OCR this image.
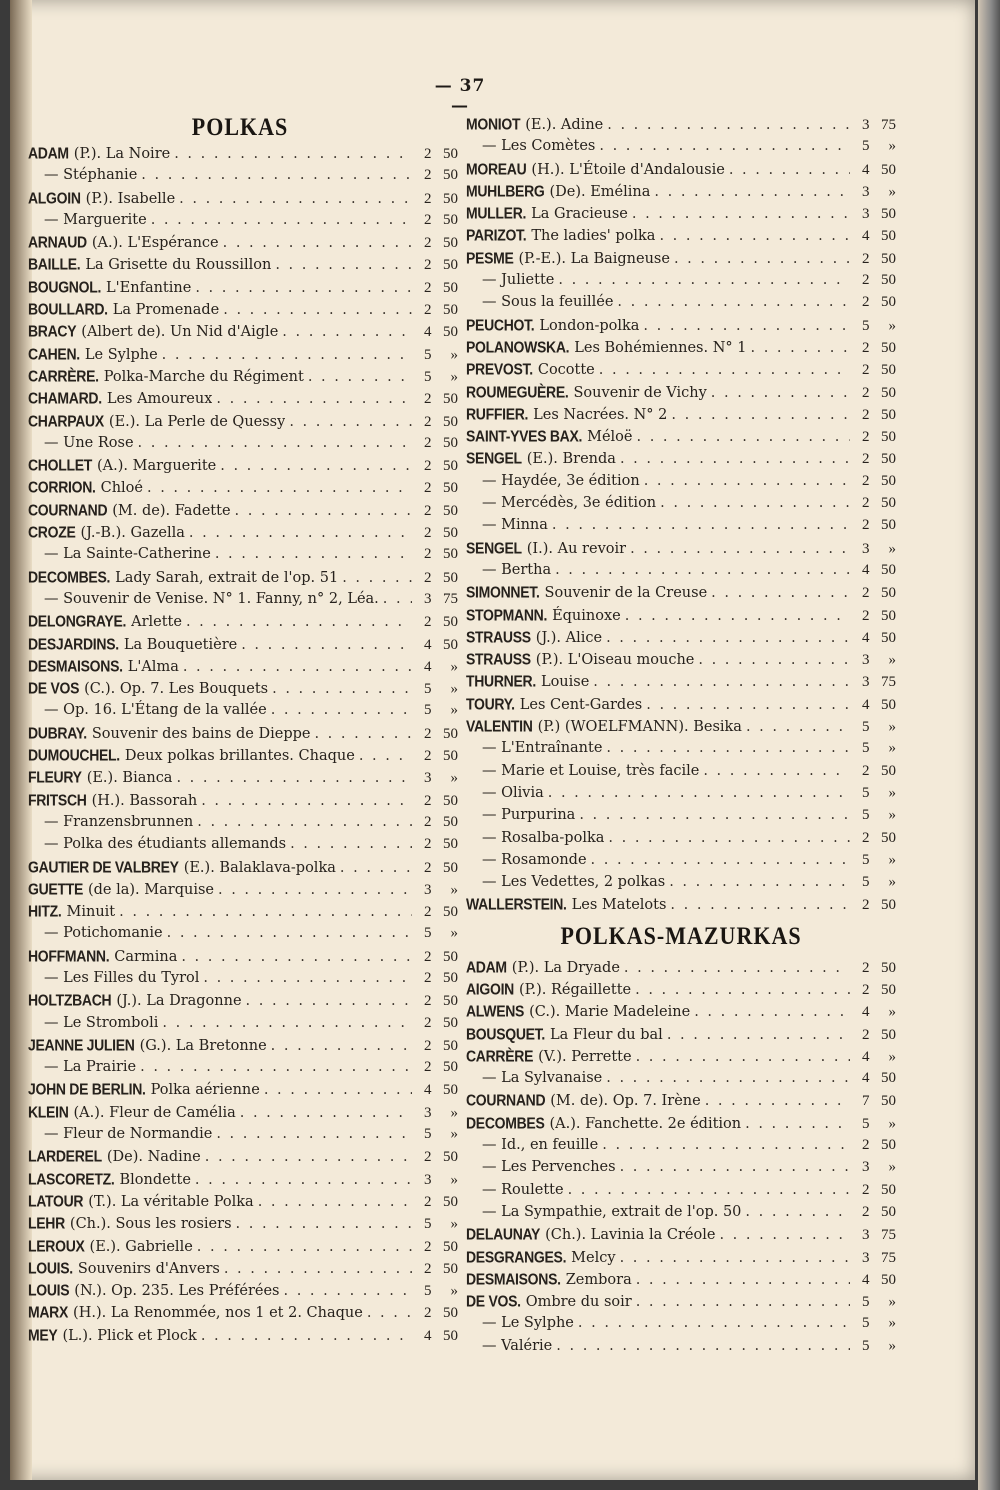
— 37 —
POLKAS
ADAM (P.). La Noire . . .	2 50
— Stéphanie . . .	2 50
ALGOIN (P.). Isabelle . . .	2 50
— Marguerite . . .	2 50
ARNAUD (A.). L'Espérance . . .	2 50
BAILLE. La Grisette du Roussillon . . .	2 50
BOUGNOL. L'Enfantine . . .	2 50
BOULLARD. La Promenade . . .	2 50
BRACY (Albert de). Un Nid d'Aigle . . .	4 50
CAHEN. Le Sylphe . . .	5 »
CARRÈRE. Polka-Marche du Régiment . . .	5 »
CHAMARD. Les Amoureux . . .	2 50
CHARPAUX (E.). La Perle de Quessy . . .	2 50
— Une Rose . . .	2 50
CHOLLET (A.). Marguerite . . .	2 50
CORRION. Chloé . . .	2 50
COURNAND (M. de). Fadette . . .	2 50
CROZE (J.-B.). Gazella . . .	2 50
— La Sainte-Catherine . . .	2 50
DECOMBES. Lady Sarah, extrait de l'op. 51 . . .	2 50
— Souvenir de Venise. N° 1. Fanny, n° 2, Léa. . . .	3 75
DELONGRAYE. Arlette . . .	2 50
DESJARDINS. La Bouquetière . . .	4 50
DESMAISONS. L'Alma . . .	4 »
DE VOS (C.). Op. 7. Les Bouquets . . .	5 »
— Op. 16. L'Étang de la vallée . . .	5 »
DUBRAY. Souvenir des bains de Dieppe . . .	2 50
DUMOUCHEL. Deux polkas brillantes. Chaque . . .	2 50
FLEURY (E.). Bianca . . .	3 »
FRITSCH (H.). Bassorah . . .	2 50
— Franzensbrunnen . . .	2 50
— Polka des étudiants allemands . . .	2 50
GAUTIER DE VALBREY (E.). Balaklava-polka . . .	2 50
GUETTE (de la). Marquise . . .	3 »
HITZ. Minuit . . .	2 50
— Potichomanie . . .	5 »
HOFFMANN. Carmina . . .	2 50
— Les Filles du Tyrol . . .	2 50
HOLTZBACH (J.). La Dragonne . . .	2 50
— Le Stromboli . . .	2 50
JEANNE JULIEN (G.). La Bretonne . . .	2 50
— La Prairie . . .	2 50
JOHN DE BERLIN. Polka aérienne . . .	4 50
KLEIN (A.). Fleur de Camélia . . .	3 »
— Fleur de Normandie . . .	5 »
LARDEREL (De). Nadine . . .	2 50
LASCORETZ. Blondette . . .	3 »
LATOUR (T.). La véritable Polka . . .	2 50
LEHR (Ch.). Sous les rosiers . . .	5 »
LEROUX (E.). Gabrielle . . .	2 50
LOUIS. Souvenirs d'Anvers . . .	2 50
LOUIS (N.). Op. 235. Les Préférées . . .	5 »
MARX (H.). La Renommée, nos 1 et 2. Chaque . . .	2 50
MEY (L.). Plick et Plock . . .	4 50
MONIOT (E.). Adine . . .	3 75
— Les Comètes . . .	5 »
MOREAU (H.). L'Étoile d'Andalousie . . .	4 50
MUHLBERG (De). Emélina . . .	3 »
MULLER. La Gracieuse . . .	3 50
PARIZOT. The ladies' polka . . .	4 50
PESME (P.-E.). La Baigneuse . . .	2 50
— Juliette . . .	2 50
— Sous la feuillée . . .	2 50
PEUCHOT. London-polka . . .	5 »
POLANOWSKA. Les Bohémiennes. N° 1 . . .	2 50
PREVOST. Cocotte . . .	2 50
ROUMEGUÈRE. Souvenir de Vichy . . .	2 50
RUFFIER. Les Nacrées. N° 2 . . .	2 50
SAINT-YVES BAX. Méloë . . .	2 50
SENGEL (E.). Brenda . . .	2 50
— Haydée, 3e édition . . .	2 50
— Mercédès, 3e édition . . .	2 50
— Minna . . .	2 50
SENGEL (I.). Au revoir . . .	3 »
— Bertha . . .	4 50
SIMONNET. Souvenir de la Creuse . . .	2 50
STOPMANN. Équinoxe . . .	2 50
STRAUSS (J.). Alice . . .	4 50
STRAUSS (P.). L'Oiseau mouche . . .	3 »
THURNER. Louise . . .	3 75
TOURY. Les Cent-Gardes . . .	4 50
VALENTIN (P.) (WOELFMANN). Besika . . .	5 »
— L'Entraînante . . .	5 »
— Marie et Louise, très facile . . .	2 50
— Olivia . . .	5 »
— Purpurina . . .	5 »
— Rosalba-polka . . .	2 50
— Rosamonde . . .	5 »
— Les Vedettes, 2 polkas . . .	5 »
WALLERSTEIN. Les Matelots . . .	2 50
POLKAS-MAZURKAS
ADAM (P.). La Dryade . . .	2 50
AIGOIN (P.). Régaillette . . .	2 50
ALWENS (C.). Marie Madeleine . . .	4 »
BOUSQUET. La Fleur du bal . . .	2 50
CARRÈRE (V.). Perrette . . .	4 »
— La Sylvanaise . . .	4 50
COURNAND (M. de). Op. 7. Irène . . .	7 50
DECOMBES (A.). Fanchette. 2e édition . . .	5 »
— Id., en feuille . . .	2 50
— Les Pervenches . . .	3 »
— Roulette . . .	2 50
— La Sympathie, extrait de l'op. 50 . . .	2 50
DELAUNAY (Ch.). Lavinia la Créole . . .	3 75
DESGRANGES. Melcy . . .	3 75
DESMAISONS. Zembora . . .	4 50
DE VOS. Ombre du soir . . .	5 »
— Le Sylphe . . .	5 »
— Valérie . . .	5 »
